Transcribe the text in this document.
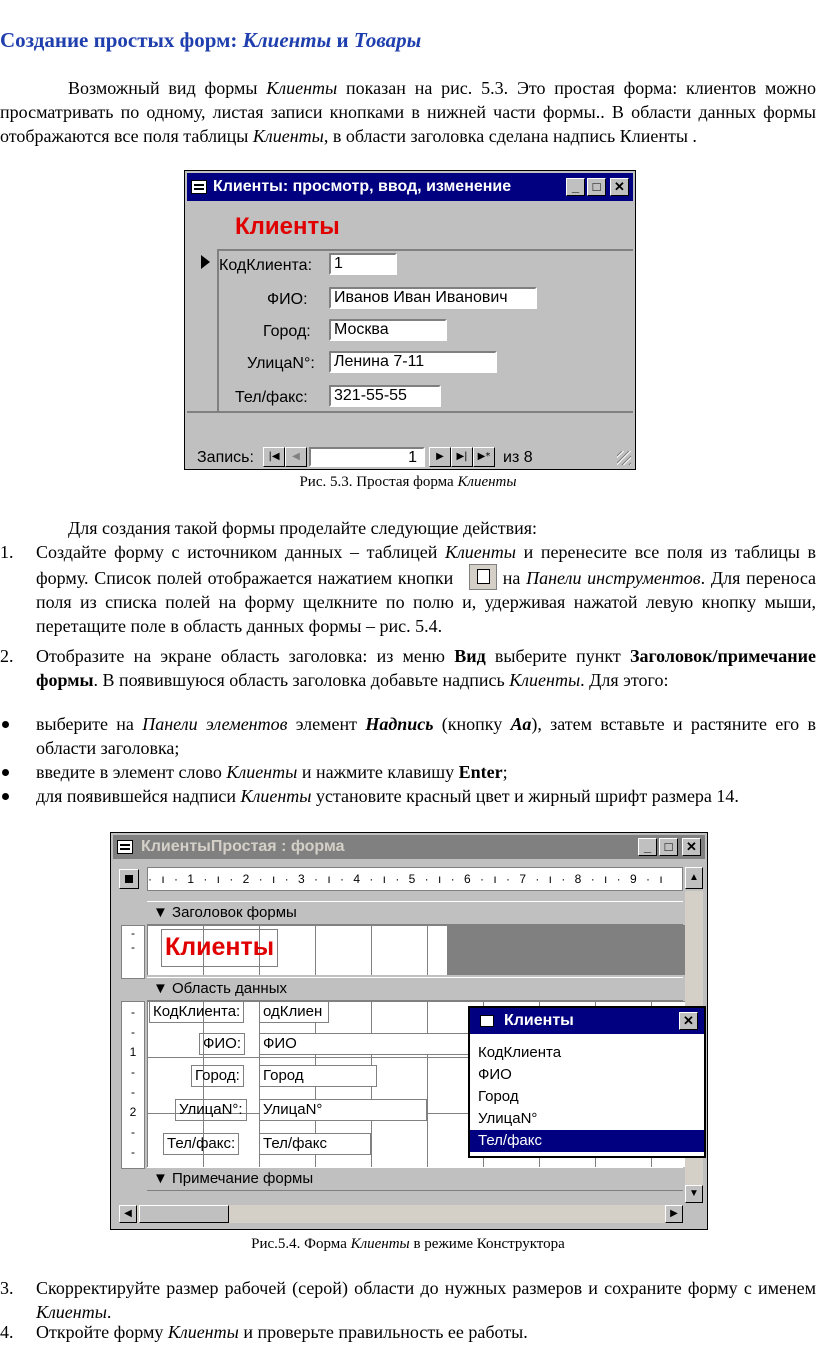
Создание простых форм: Клиенты и Товары
Возможный вид формы Клиенты показан на рис. 5.3. Это простая форма: клиентов можно просматривать по одному, листая записи кнопками в нижней части формы.. В области данных формы отображаются все поля таблицы Клиенты, в области заголовка сделана надпись Клиенты .
Клиенты: просмотр, ввод, изменение	_	□	✕
Клиенты
КодКлиента:	1
ФИО:	Иванов Иван Иванович
Город:	Москва
УлицаN°:	Ленина 7-11
Тел/факс:	321-55-55
Запись:	|◀	◀	1	▶	▶|	▶* из 8
Рис. 5.3. Простая форма Клиенты
Для создания такой формы проделайте следующие действия:
1. Создайте форму с источником данных – таблицей Клиенты и перенесите все поля из таблицы в форму. Список полей отображается нажатием кнопки
на Панели инструментов. Для переноса поля из списка полей на форму щелкните по полю и, удерживая нажатой левую кнопку мыши, перетащите поле в область данных формы – рис. 5.4.
2. Отобразите на экране область заголовка: из меню Вид выберите пункт Заголовок/примечание формы. В появившуюся область заголовка добавьте надпись Клиенты. Для этого:
выберите на Панели элементов элемент Надпись (кнопку Аа), затем вставьте и растяните его в области заголовка;
введите в элемент слово Клиенты и нажмите клавишу Enter;
для появившейся надписи Клиенты установите красный цвет и жирный шрифт размера 14.
КлиентыПростая : форма	_	□	✕
· ı · 1 · ı · 2 · ı · 3 · ı · 4 · ı · 5 · ı · 6 · ı · 7 · ı · 8 · ı · 9 · ı	▲
▼ Заголовок формы
Клиенты
▼ Область данных
-
-
-
-
1
-
-
2
-
-
КодКлиента: одКлиен
ФИО: ФИО
Город: Город
УлицаN°: УлицаN°
Тел/факс: Тел/факс
▼ Примечание формы
▼
◀	▶
Клиенты	✕
КодКлиента
ФИО
Город
УлицаN°
Тел/факс
Рис.5.4. Форма Клиенты в режиме Конструктора
3. Скорректируйте размер рабочей (серой) области до нужных размеров и сохраните форму с именем Клиенты.
4. Откройте форму Клиенты и проверьте правильность ее работы.
